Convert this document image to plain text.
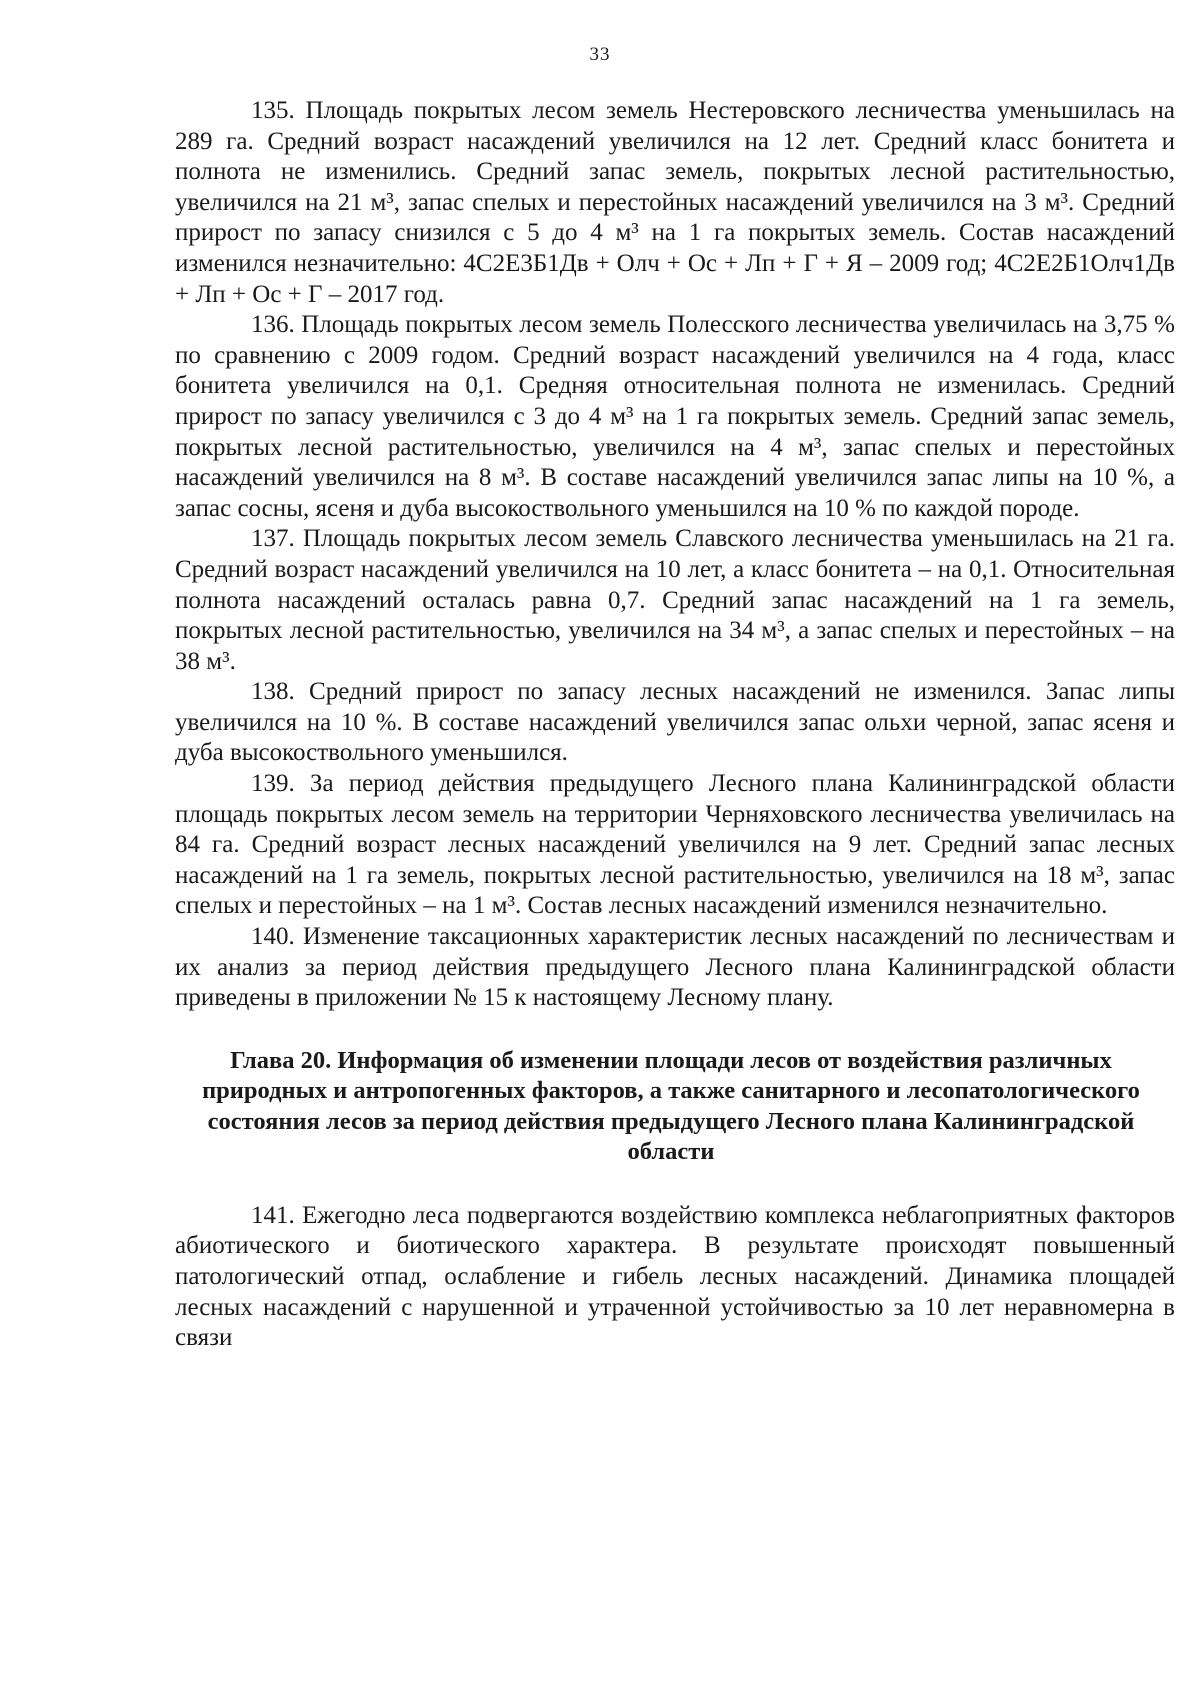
33

135. Площадь покрытых лесом земель Нестеровского лесничества уменьшилась на 289 га. Средний возраст насаждений увеличился на 12 лет. Средний класс бонитета и полнота не изменились. Средний запас земель, покрытых лесной растительностью, увеличился на 21 м³, запас спелых и перестойных насаждений увеличился на 3 м³. Средний прирост по запасу снизился с 5 до 4 м³ на 1 га покрытых земель. Состав насаждений изменился незначительно: 4С2Е3Б1Дв + Олч + Ос + Лп + Г + Я – 2009 год; 4С2Е2Б1Олч1Дв + Лп + Ос + Г – 2017 год.

136. Площадь покрытых лесом земель Полесского лесничества увеличилась на 3,75 % по сравнению с 2009 годом. Средний возраст насаждений увеличился на 4 года, класс бонитета увеличился на 0,1. Средняя относительная полнота не изменилась. Средний прирост по запасу увеличился с 3 до 4 м³ на 1 га покрытых земель. Средний запас земель, покрытых лесной растительностью, увеличился на 4 м³, запас спелых и перестойных насаждений увеличился на 8 м³. В составе насаждений увеличился запас липы на 10 %, а запас сосны, ясеня и дуба высокоствольного уменьшился на 10 % по каждой породе.

137. Площадь покрытых лесом земель Славского лесничества уменьшилась на 21 га. Средний возраст насаждений увеличился на 10 лет, а класс бонитета – на 0,1. Относительная полнота насаждений осталась равна 0,7. Средний запас насаждений на 1 га земель, покрытых лесной растительностью, увеличился на 34 м³, а запас спелых и перестойных – на 38 м³.

138. Средний прирост по запасу лесных насаждений не изменился. Запас липы увеличился на 10 %. В составе насаждений увеличился запас ольхи черной, запас ясеня и дуба высокоствольного уменьшился.

139. За период действия предыдущего Лесного плана Калининградской области площадь покрытых лесом земель на территории Черняховского лесничества увеличилась на 84 га. Средний возраст лесных насаждений увеличился на 9 лет. Средний запас лесных насаждений на 1 га земель, покрытых лесной растительностью, увеличился на 18 м³, запас спелых и перестойных – на 1 м³. Состав лесных насаждений изменился незначительно.

140. Изменение таксационных характеристик лесных насаждений по лесничествам и их анализ за период действия предыдущего Лесного плана Калининградской области приведены в приложении № 15 к настоящему Лесному плану.

Глава 20. Информация об изменении площади лесов от воздействия различных природных и антропогенных факторов, а также санитарного и лесопатологического состояния лесов за период действия предыдущего Лесного плана Калининградской области

141. Ежегодно леса подвергаются воздействию комплекса неблагоприятных факторов абиотического и биотического характера. В результате происходят повышенный патологический отпад, ослабление и гибель лесных насаждений. Динамика площадей лесных насаждений с нарушенной и утраченной устойчивостью за 10 лет неравномерна в связи
